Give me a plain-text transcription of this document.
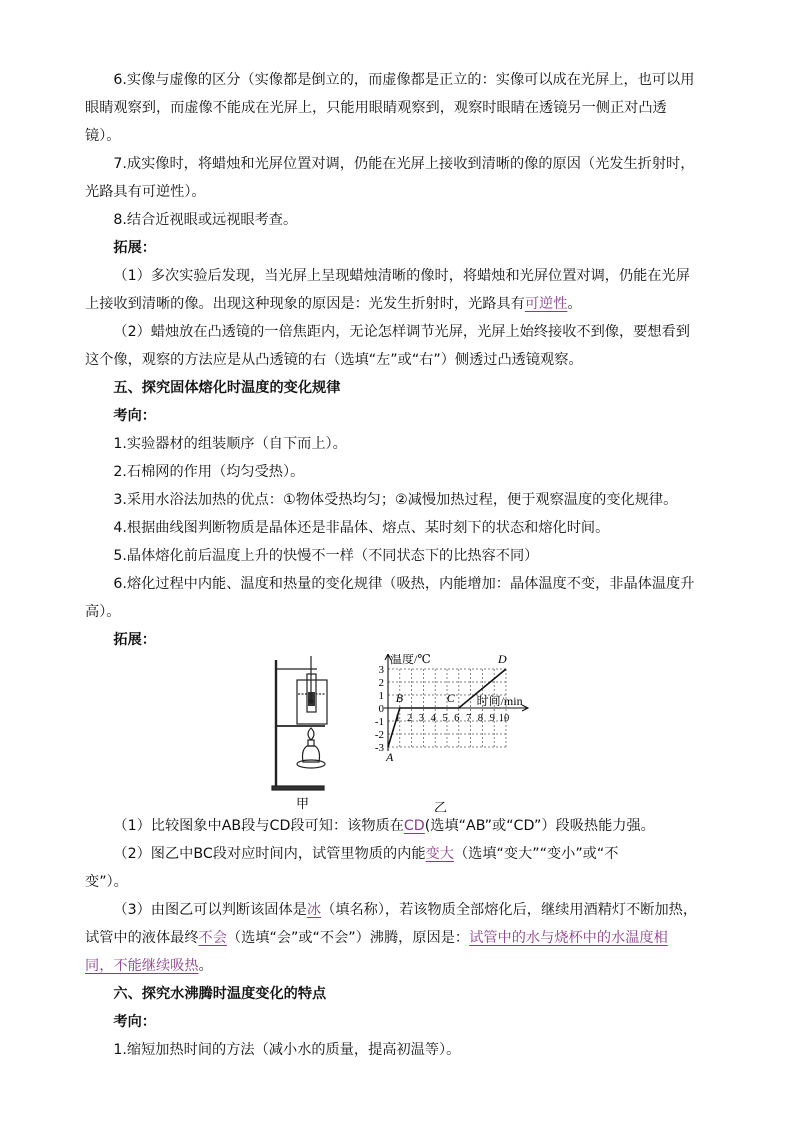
6.实像与虚像的区分（实像都是倒立的，而虚像都是正立的：实像可以成在光屏上，也可以用

眼睛观察到，而虚像不能成在光屏上，只能用眼睛观察到，观察时眼睛在透镜另一侧正对凸透

镜）。

7.成实像时，将蜡烛和光屏位置对调，仍能在光屏上接收到清晰的像的原因（光发生折射时，

光路具有可逆性）。

8.结合近视眼或远视眼考查。

拓展：

（1）多次实验后发现，当光屏上呈现蜡烛清晰的像时，将蜡烛和光屏位置对调，仍能在光屏

上接收到清晰的像。出现这种现象的原因是：光发生折射时，光路具有可逆性。

（2）蜡烛放在凸透镜的一倍焦距内，无论怎样调节光屏，光屏上始终接收不到像，要想看到

这个像，观察的方法应是从凸透镜的右（选填“左”或“右”）侧透过凸透镜观察。

五、探究固体熔化时温度的变化规律

考向：

1.实验器材的组装顺序（自下而上）。

2.石棉网的作用（均匀受热）。

3.采用水浴法加热的优点：①物体受热均匀；②减慢加热过程，便于观察温度的变化规律。

4.根据曲线图判断物质是晶体还是非晶体、熔点、某时刻下的状态和熔化时间。

5.晶体熔化前后温度上升的快慢不一样（不同状态下的比热容不同）

6.熔化过程中内能、温度和热量的变化规律（吸热，内能增加：晶体温度不变，非晶体温度升

高）。

拓展：

甲	乙
3
2
1
0
-1
-2
-3
1 2 3 4 5 6 7 8 9 10
温度/℃
时间/min
A
B	C
D

（1）比较图象中AB段与CD段可知：该物质在CD(选填“AB”或“CD”）段吸热能力强。

（2）图乙中BC段对应时间内，试管里物质的内能变大（选填“变大”“变小”或“不

变”）。

（3）由图乙可以判断该固体是冰（填名称），若该物质全部熔化后，继续用酒精灯不断加热，

试管中的液体最终不会（选填“会”或“不会”）沸腾，原因是：试管中的水与烧杯中的水温度相

同，不能继续吸热。

六、探究水沸腾时温度变化的特点

考向：

1.缩短加热时间的方法（减小水的质量，提高初温等）。
